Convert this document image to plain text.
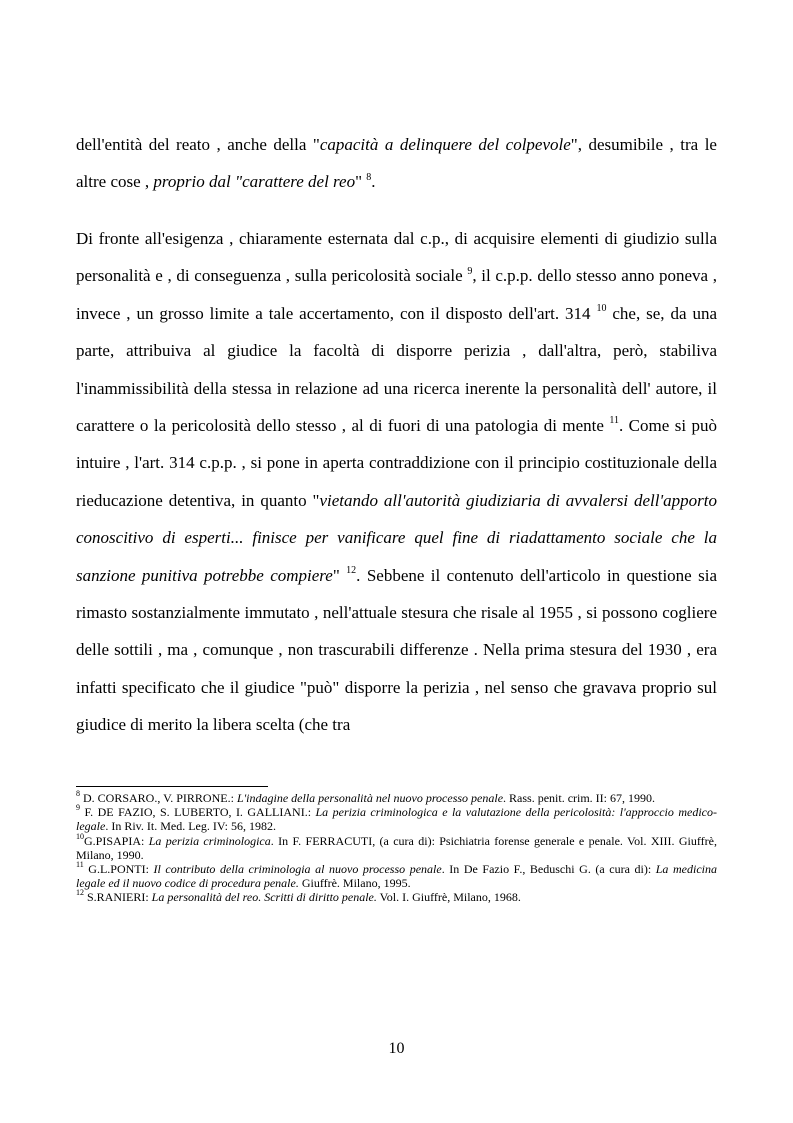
dell'entità del reato , anche della "capacità a delinquere del colpevole", desumibile , tra le altre cose , proprio dal "carattere del reo" $^8$.

Di fronte all'esigenza , chiaramente esternata dal c.p., di acquisire elementi di giudizio sulla personalità e , di conseguenza , sulla pericolosità sociale $^9$, il c.p.p. dello stesso anno poneva , invece , un grosso limite a tale accertamento, con il disposto dell'art. 314 $^{10}$ che, se, da una parte, attribuiva al giudice la facoltà di disporre perizia , dall'altra, però, stabiliva l'inammissibilità della stessa in relazione ad una ricerca inerente la personalità dell' autore, il carattere o la pericolosità dello stesso , al di fuori di una patologia di mente $^{11}$. Come si può intuire , l'art. 314 c.p.p. , si pone in aperta contraddizione con il principio costituzionale della rieducazione detentiva, in quanto "vietando all'autorità giudiziaria di avvalersi dell'apporto conoscitivo di esperti... finisce per vanificare quel fine di riadattamento sociale che la sanzione punitiva potrebbe compiere" $^{12}$. Sebbene il contenuto dell'articolo in questione sia rimasto sostanzialmente immutato , nell'attuale stesura che risale al 1955 , si possono cogliere delle sottili , ma , comunque , non trascurabili differenze . Nella prima stesura del 1930 , era infatti specificato che il giudice "può" disporre la perizia , nel senso che gravava proprio sul giudice di merito la libera scelta (che tra

$^8$ D. CORSARO., V. PIRRONE.: L'indagine della personalità nel nuovo processo penale. Rass. penit. crim. II: 67, 1990.

$^9$ F. DE FAZIO, S. LUBERTO, I. GALLIANI.: La perizia criminologica e la valutazione della pericolosità: l'approccio medico-legale. In Riv. It. Med. Leg. IV: 56, 1982.

$^{10}$G.PISAPIA: La perizia criminologica. In F. FERRACUTI, (a cura di): Psichiatria forense generale e penale. Vol. XIII. Giuffrè, Milano, 1990.

$^{11}$ G.L.PONTI: Il contributo della criminologia al nuovo processo penale. In De Fazio F., Beduschi G. (a cura di): La medicina legale ed il nuovo codice di procedura penale. Giuffrè. Milano, 1995.

$^{12}$ S.RANIERI: La personalità del reo. Scritti di diritto penale. Vol. I. Giuffrè, Milano, 1968.

10
